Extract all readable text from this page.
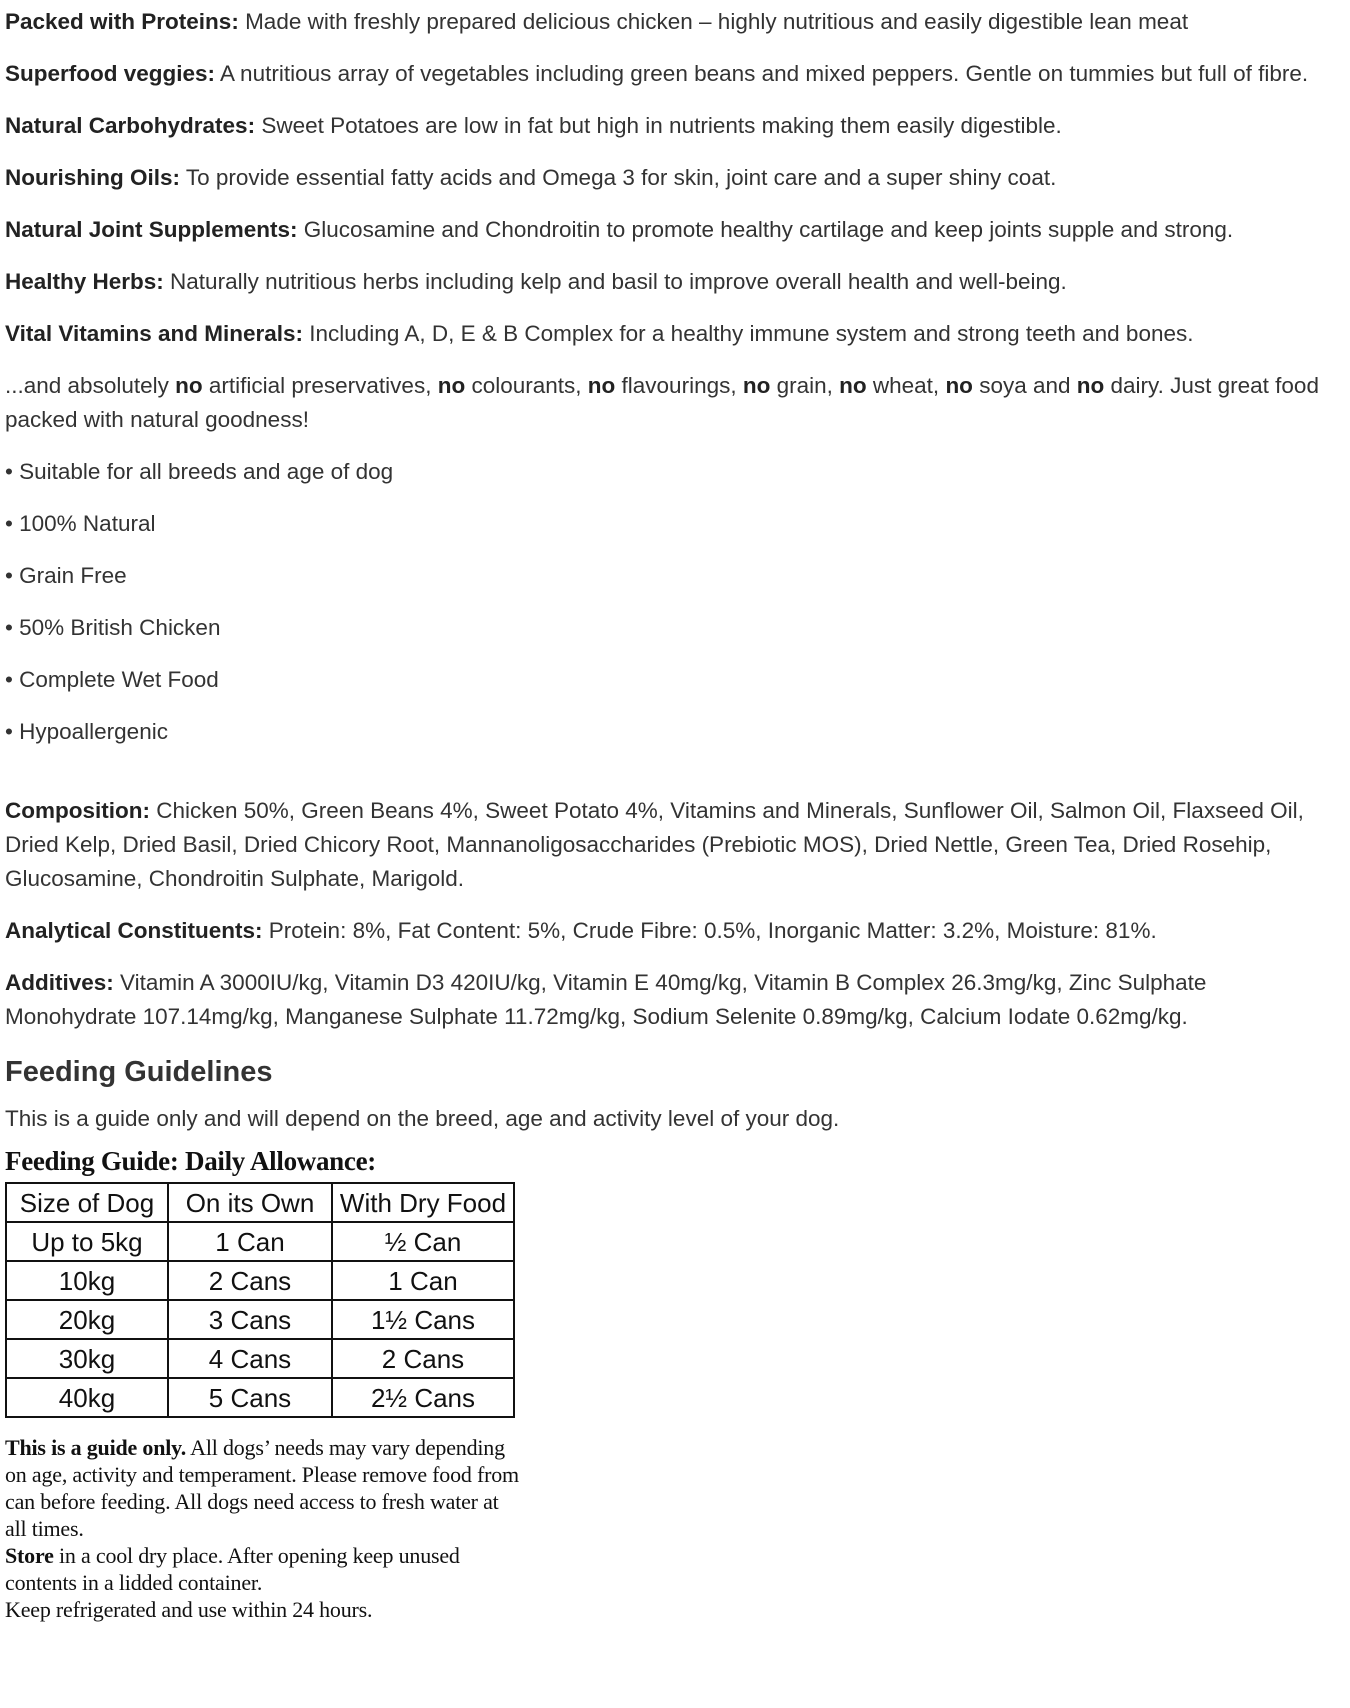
Packed with Proteins: Made with freshly prepared delicious chicken – highly nutritious and easily digestible lean meat

Superfood veggies: A nutritious array of vegetables including green beans and mixed peppers. Gentle on tummies but full of fibre.

Natural Carbohydrates: Sweet Potatoes are low in fat but high in nutrients making them easily digestible.

Nourishing Oils: To provide essential fatty acids and Omega 3 for skin, joint care and a super shiny coat.

Natural Joint Supplements: Glucosamine and Chondroitin to promote healthy cartilage and keep joints supple and strong.

Healthy Herbs: Naturally nutritious herbs including kelp and basil to improve overall health and well-being.

Vital Vitamins and Minerals: Including A, D, E & B Complex for a healthy immune system and strong teeth and bones.

...and absolutely no artificial preservatives, no colourants, no flavourings, no grain, no wheat, no soya and no dairy. Just great food packed with natural goodness!

• Suitable for all breeds and age of dog
• 100% Natural
• Grain Free
• 50% British Chicken
• Complete Wet Food
• Hypoallergenic

Composition: Chicken 50%, Green Beans 4%, Sweet Potato 4%, Vitamins and Minerals, Sunflower Oil, Salmon Oil, Flaxseed Oil, Dried Kelp, Dried Basil, Dried Chicory Root, Mannanoligosaccharides (Prebiotic MOS), Dried Nettle, Green Tea, Dried Rosehip, Glucosamine, Chondroitin Sulphate, Marigold.

Analytical Constituents: Protein: 8%, Fat Content: 5%, Crude Fibre: 0.5%, Inorganic Matter: 3.2%, Moisture: 81%.

Additives: Vitamin A 3000IU/kg, Vitamin D3 420IU/kg, Vitamin E 40mg/kg, Vitamin B Complex 26.3mg/kg, Zinc Sulphate Monohydrate 107.14mg/kg, Manganese Sulphate 11.72mg/kg, Sodium Selenite 0.89mg/kg, Calcium Iodate 0.62mg/kg.

Feeding Guidelines

This is a guide only and will depend on the breed, age and activity level of your dog.

Feeding Guide: Daily Allowance:
Size of Dog	On its Own	With Dry Food
Up to 5kg	1 Can	½ Can
10kg	2 Cans	1 Can
20kg	3 Cans	1½ Cans
30kg	4 Cans	2 Cans
40kg	5 Cans	2½ Cans
This is a guide only. All dogs’ needs may vary depending on age, activity and temperament. Please remove food from can before feeding. All dogs need access to fresh water at all times.
Store in a cool dry place. After opening keep unused contents in a lidded container.
Keep refrigerated and use within 24 hours.
